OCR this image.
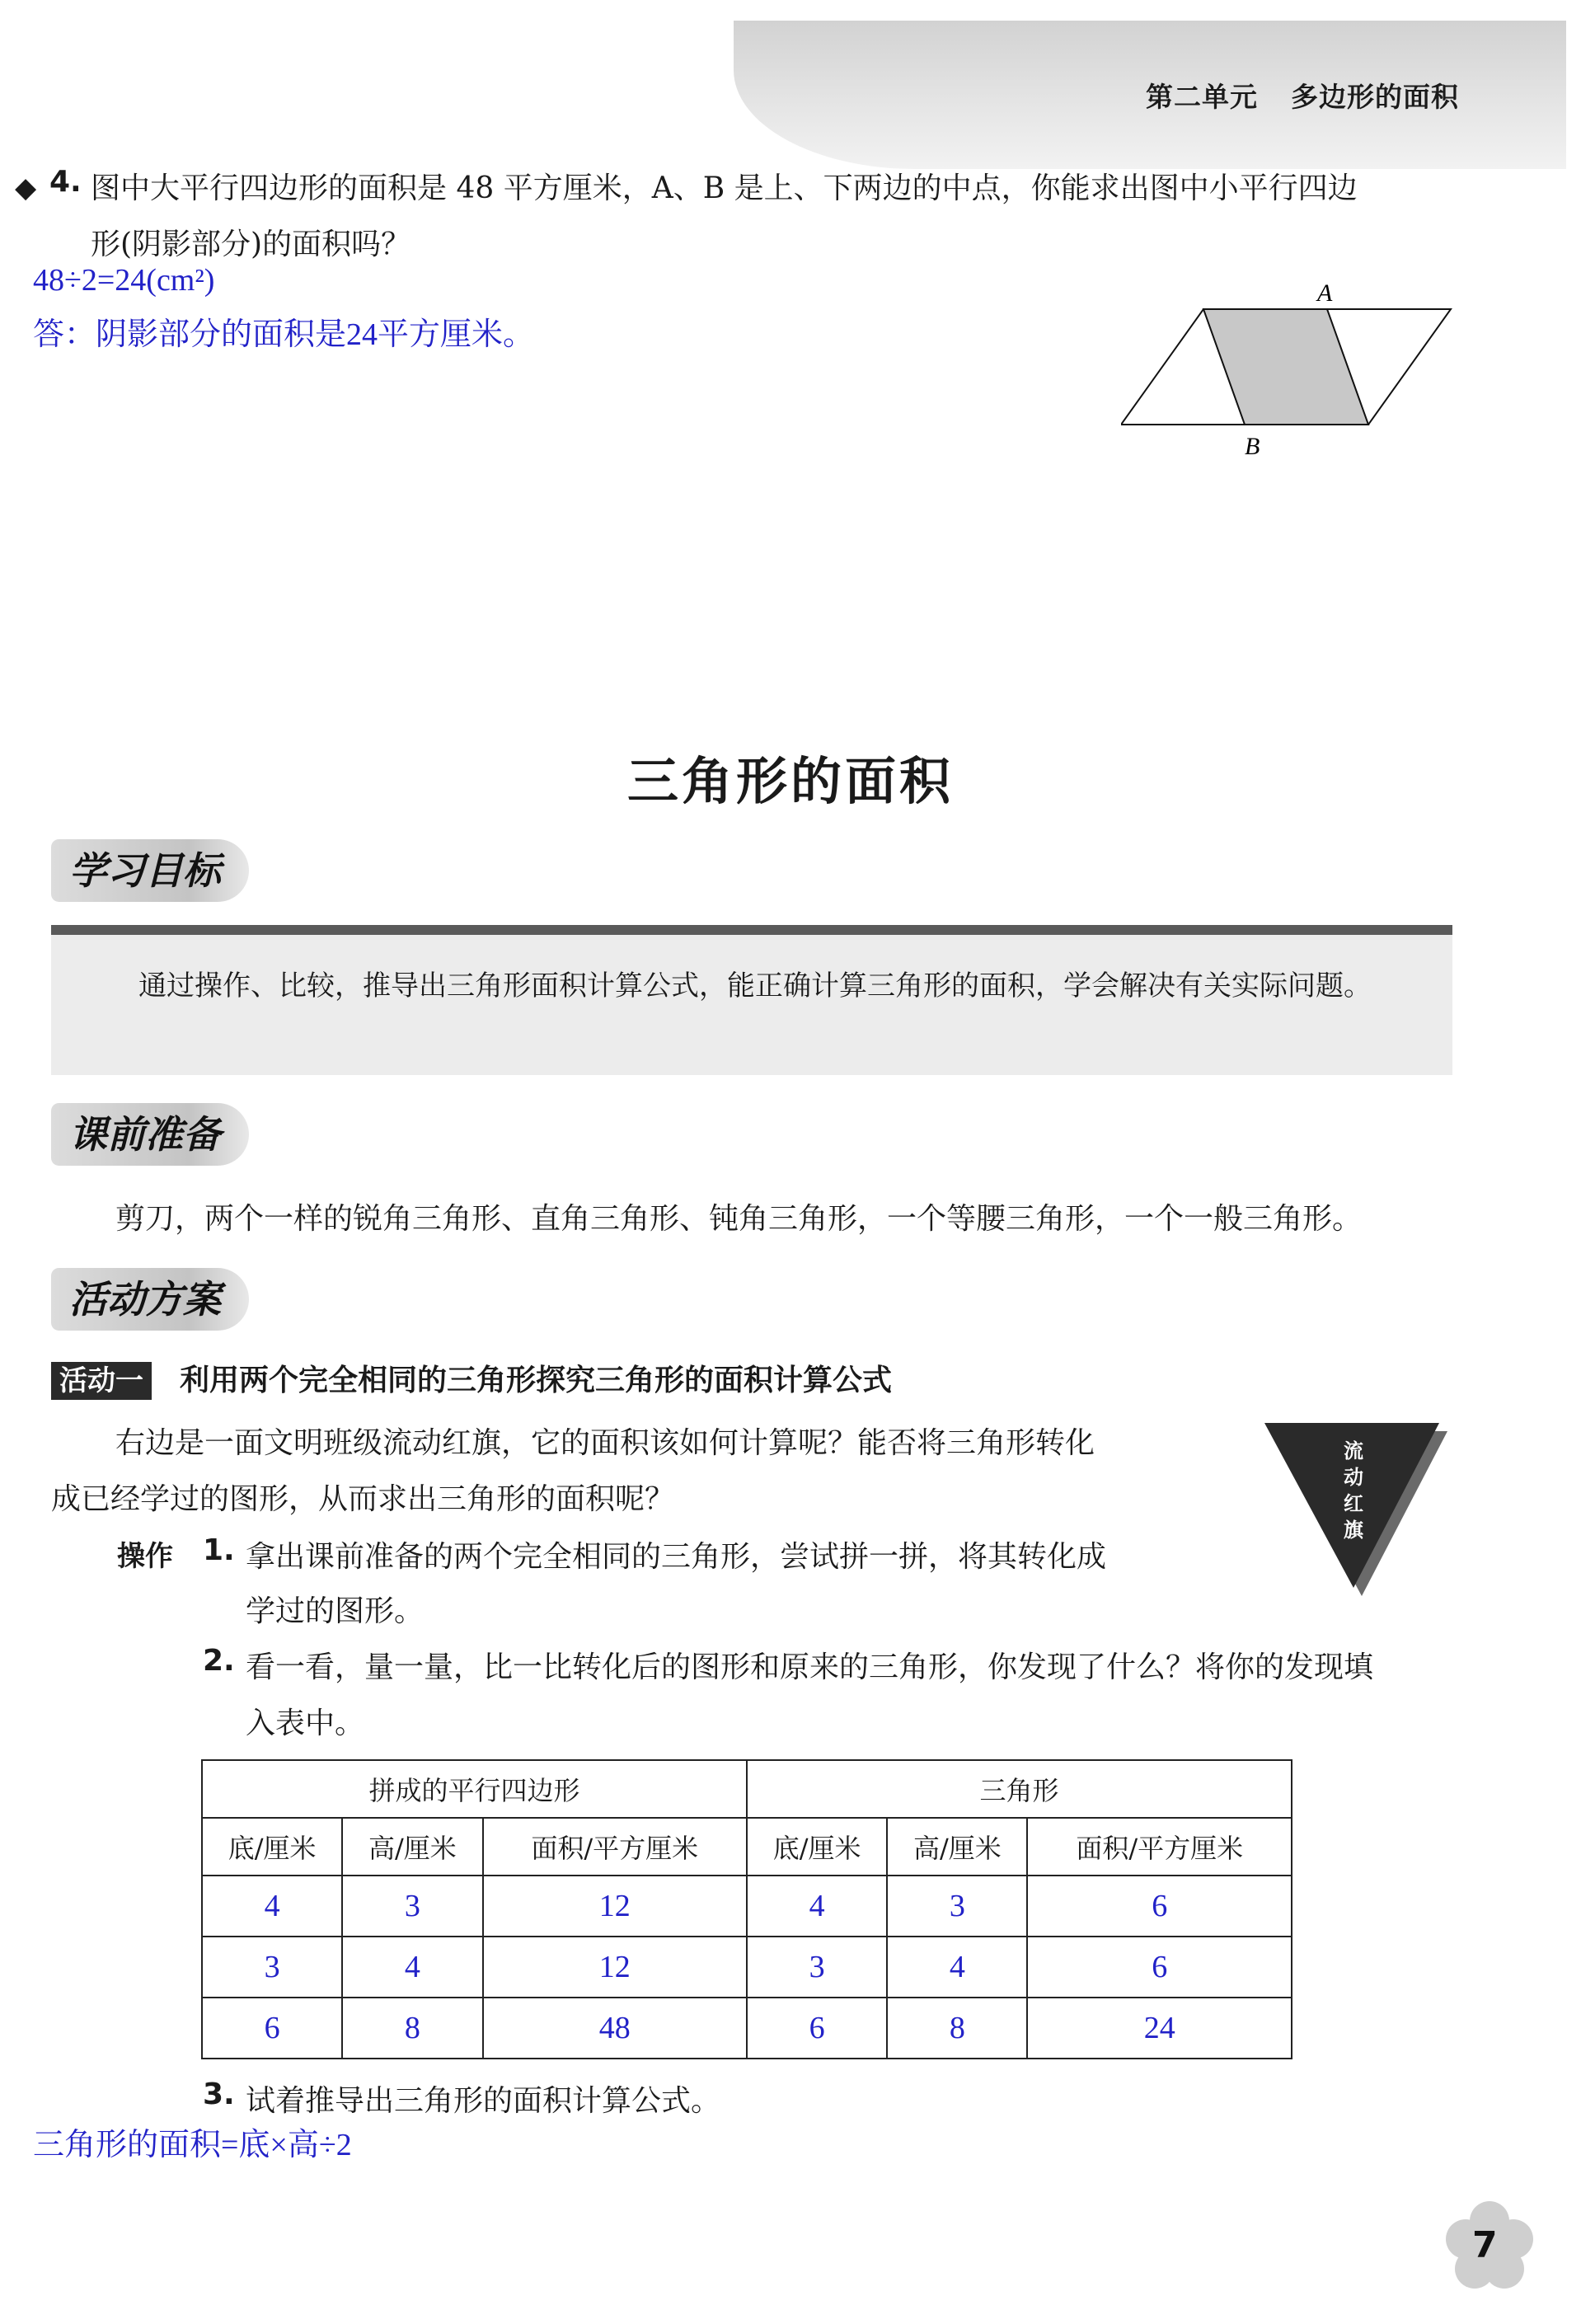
第二单元 多边形的面积
◆ 4. 图中大平行四边形的面积是 48 平方厘米，A、B 是上、下两边的中点，你能求出图中小平行四边
形(阴影部分)的面积吗？
48÷2=24(cm²)
答：阴影部分的面积是24平方厘米。
A
B
三角形的面积
学习目标
通过操作、比较，推导出三角形面积计算公式，能正确计算三角形的面积，学会解决有关实际问题。
课前准备
剪刀，两个一样的锐角三角形、直角三角形、钝角三角形，一个等腰三角形，一个一般三角形。
活动方案
活动一 利用两个完全相同的三角形探究三角形的面积计算公式
右边是一面文明班级流动红旗，它的面积该如何计算呢？能否将三角形转化
成已经学过的图形，从而求出三角形的面积呢？
流
动
红
旗
操作 1. 拿出课前准备的两个完全相同的三角形，尝试拼一拼，将其转化成
学过的图形。
2. 看一看，量一量，比一比转化后的图形和原来的三角形，你发现了什么？将你的发现填
入表中。
拼成的平行四边形			三角形		
底/厘米	高/厘米	面积/平方厘米	底/厘米	高/厘米	面积/平方厘米
4	3	12	4	3	6
3	4	12	3	4	6
6	8	48	6	8	24
3. 试着推导出三角形的面积计算公式。
三角形的面积=底×高÷2
7
